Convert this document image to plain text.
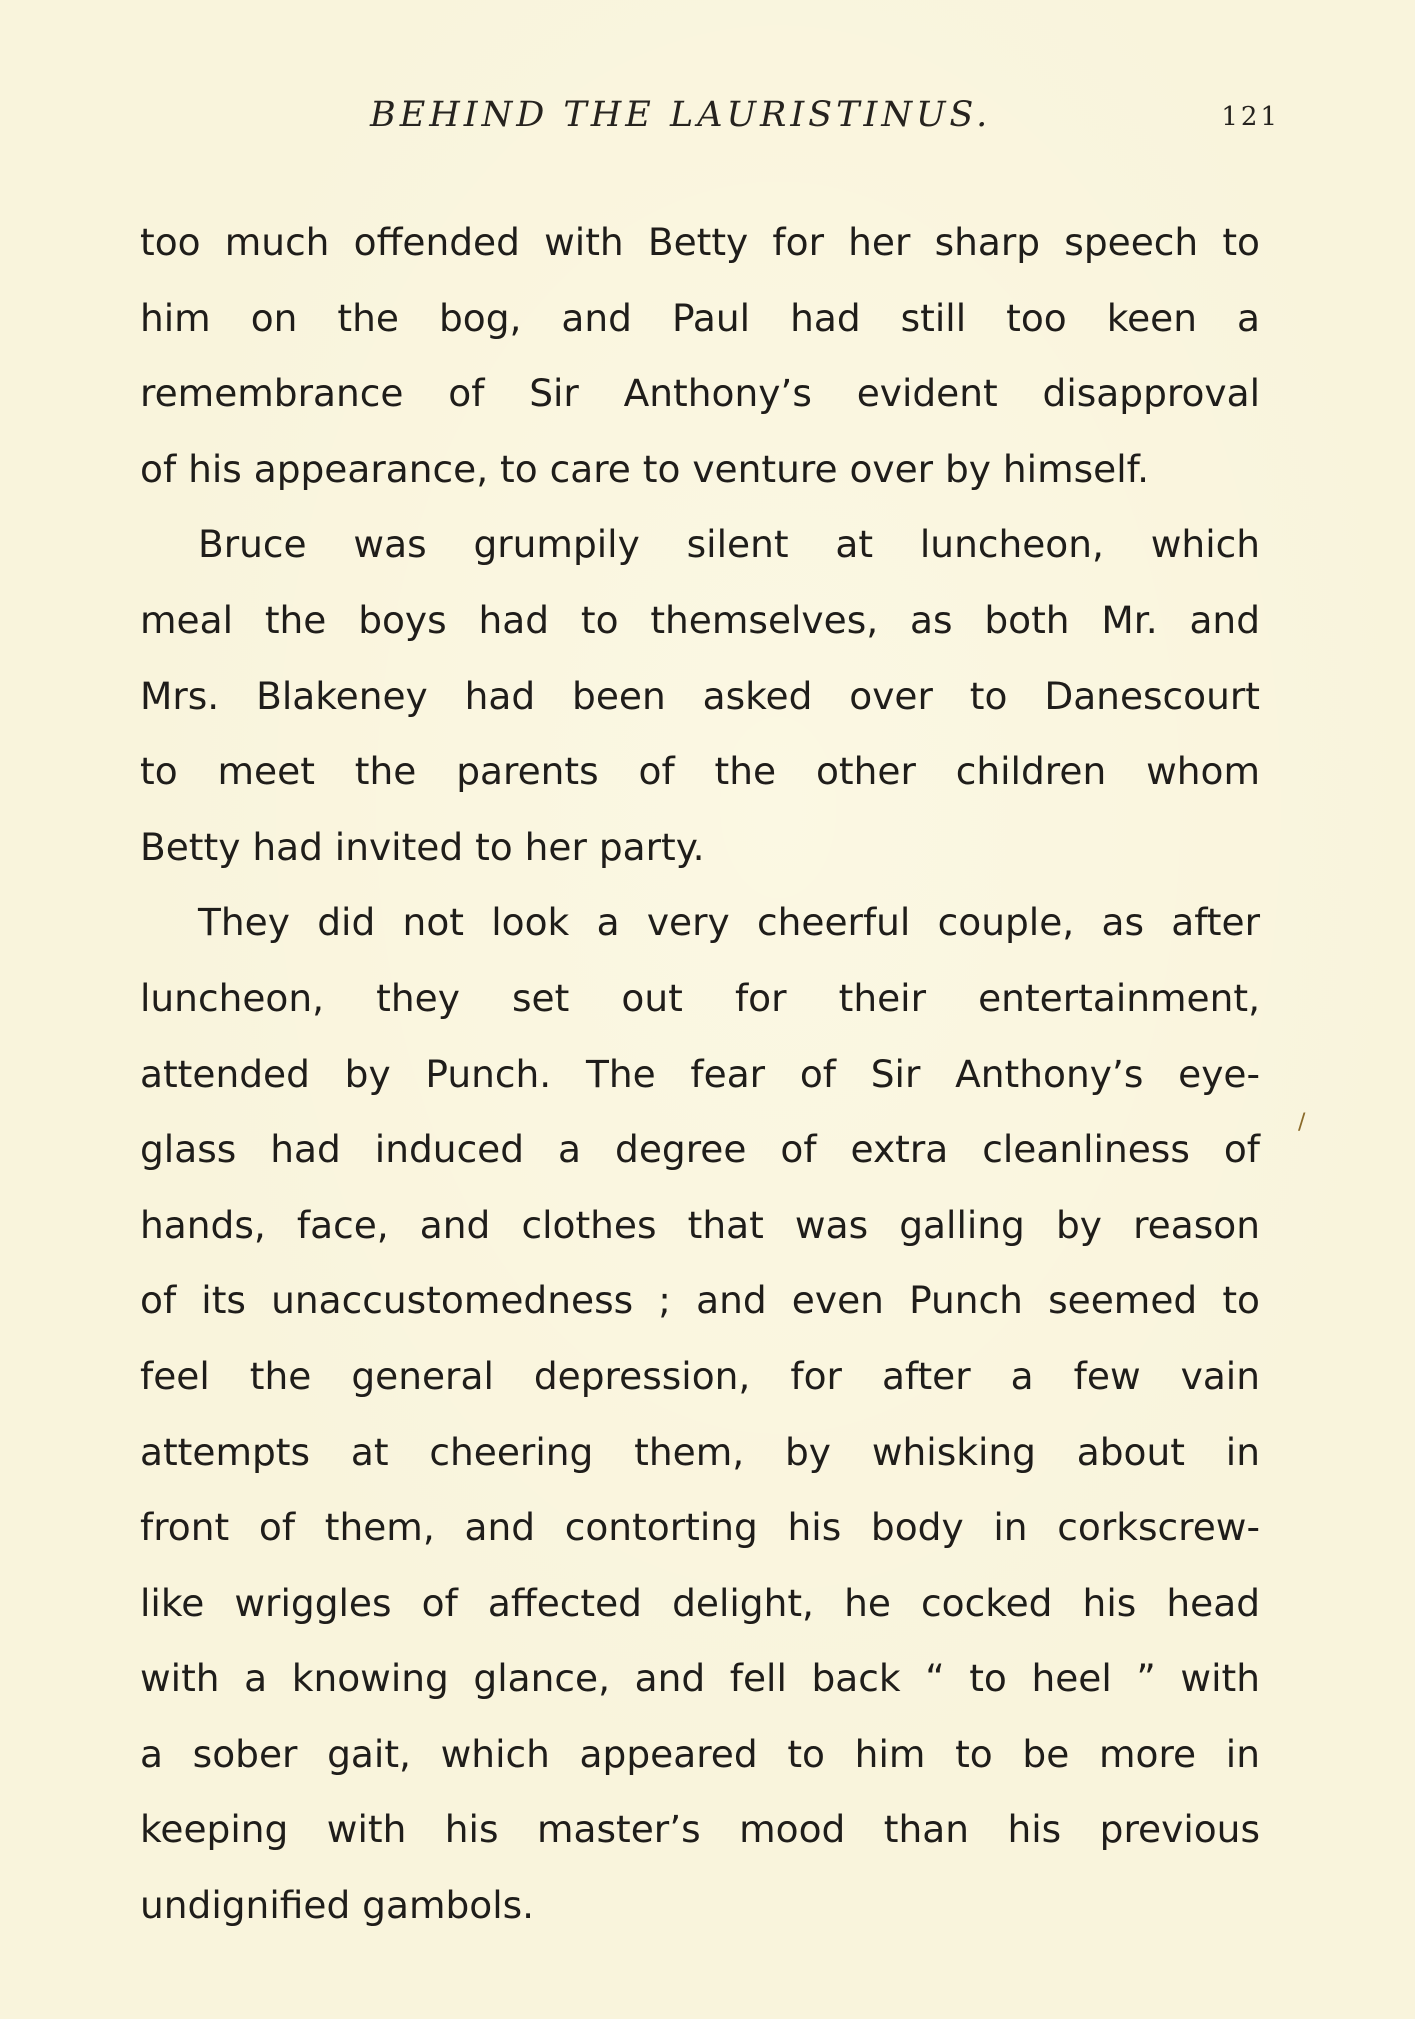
BEHIND THE LAURISTINUS.	121
too much offended with Betty for her sharp speech to
him on the bog, and Paul had still too keen a
remembrance of Sir Anthony’s evident disapproval
of his appearance, to care to venture over by himself.
Bruce was grumpily silent at luncheon, which
meal the boys had to themselves, as both Mr. and
Mrs. Blakeney had been asked over to Danescourt
to meet the parents of the other children whom
Betty had invited to her party.
They did not look a very cheerful couple, as after
luncheon, they set out for their entertainment,
attended by Punch. The fear of Sir Anthony’s eye-
glass had induced a degree of extra cleanliness of
hands, face, and clothes that was galling by reason
of its unaccustomedness ; and even Punch seemed to
feel the general depression, for after a few vain
attempts at cheering them, by whisking about in
front of them, and contorting his body in corkscrew-
like wriggles of affected delight, he cocked his head
with a knowing glance, and fell back “ to heel ” with
a sober gait, which appeared to him to be more in
keeping with his master’s mood than his previous
undignified gambols.
/
